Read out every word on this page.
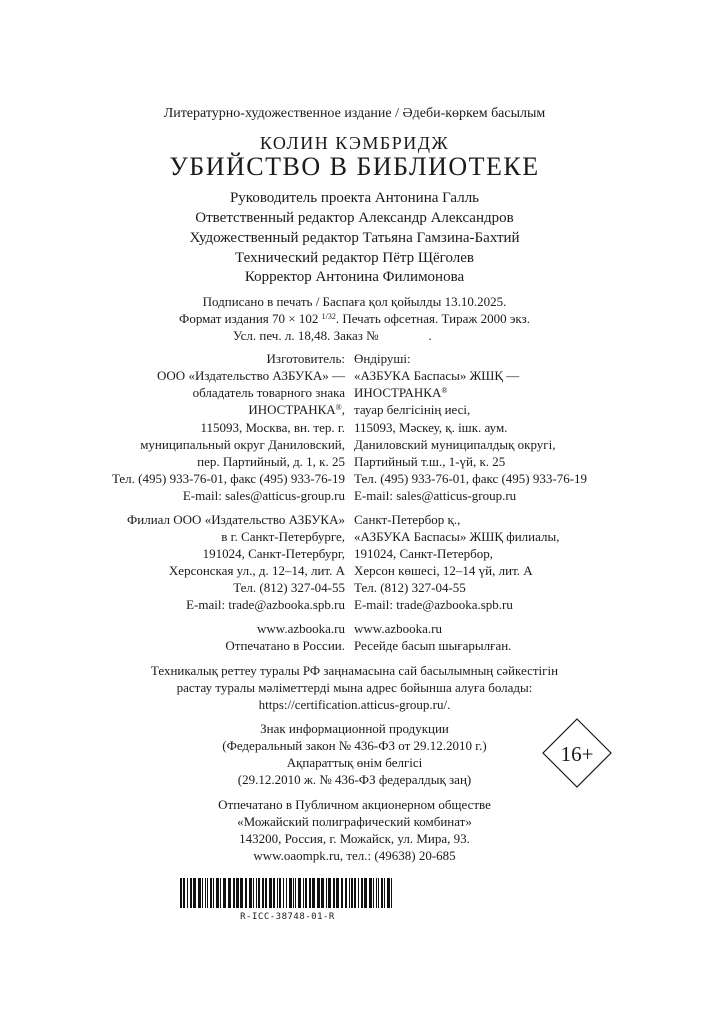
Литературно-художественное издание / Әдеби-көркем басылым
КОЛИН КЭМБРИДЖ
УБИЙСТВО В БИБЛИОТЕКЕ
Руководитель проекта Антонина Галль
Ответственный редактор Александр Александров
Художественный редактор Татьяна Гамзина-Бахтий
Технический редактор Пётр Щёголев
Корректор Антонина Филимонова
Подписано в печать / Баспаға қол қойылды 13.10.2025.
Формат издания 70 × 102 $^{1/32}$. Печать офсетная. Тираж 2000 экз.
Усл. печ. л. 18,48. Заказ №	.
Изготовитель:
ООО «Издательство АЗБУКА» —
обладатель товарного знака
ИНОСТРАНКА®,
115093, Москва, вн. тер. г.
муниципальный округ Даниловский,
пер. Партийный, д. 1, к. 25
Тел. (495) 933-76-01, факс (495) 933-76-19
E-mail: sales@atticus-group.ru
Өндіруші:
«АЗБУКА Баспасы» ЖШҚ —
ИНОСТРАНКА®
тауар белгісінің иесі,
115093, Мәскеу, қ. ішк. аум.
Даниловский муниципалдық округі,
Партийный т.ш., 1-үй, к. 25
Тел. (495) 933-76-01, факс (495) 933-76-19
E-mail: sales@atticus-group.ru
Филиал ООО «Издательство АЗБУКА»
в г. Санкт-Петербурге,
191024, Санкт-Петербург,
Херсонская ул., д. 12–14, лит. А
Тел. (812) 327-04-55
E-mail: trade@azbooka.spb.ru
Санкт-Петербор қ.,
«АЗБУКА Баспасы» ЖШҚ филиалы,
191024, Санкт-Петербор,
Херсон көшесі, 12–14 үй, лит. А
Тел. (812) 327-04-55
E-mail: trade@azbooka.spb.ru
www.azbooka.ru www.azbooka.ru
Отпечатано в России. Ресейде басып шығарылған.
Техникалық реттеу туралы РФ заңнамасына сай басылымның сәйкестігін
растау туралы мәліметтерді мына адрес бойынша алуға болады:
https://certification.atticus-group.ru/.
Знак информационной продукции
(Федеральный закон № 436-ФЗ от 29.12.2010 г.)
Ақпараттық өнім белгісі
(29.12.2010 ж. № 436-ФЗ федералдық заң)
16+
Отпечатано в Публичном акционерном обществе
«Можайский полиграфический комбинат»
143200, Россия, г. Можайск, ул. Мира, 93.
www.oaompk.ru, тел.: (49638) 20-685
R-ICC-38748-01-R
